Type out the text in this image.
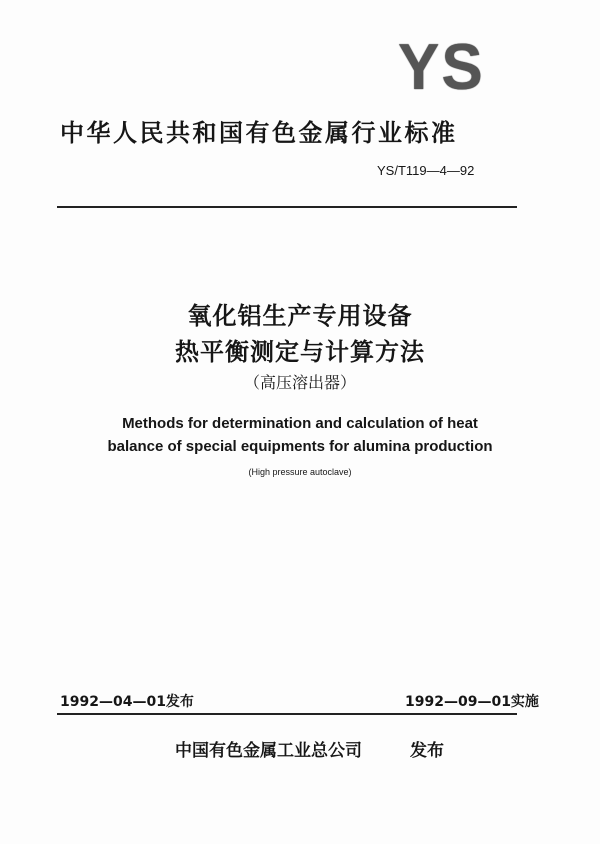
YS
中华人民共和国有色金属行业标准
YS/T119—4—92
氧化铝生产专用设备
热平衡测定与计算方法
（高压溶出器）
Methods for determination and calculation of heat
balance of special equipments for alumina production
(High pressure autoclave)
1992—04—01发布	1992—09—01实施
中国有色金属工业总公司	发布
